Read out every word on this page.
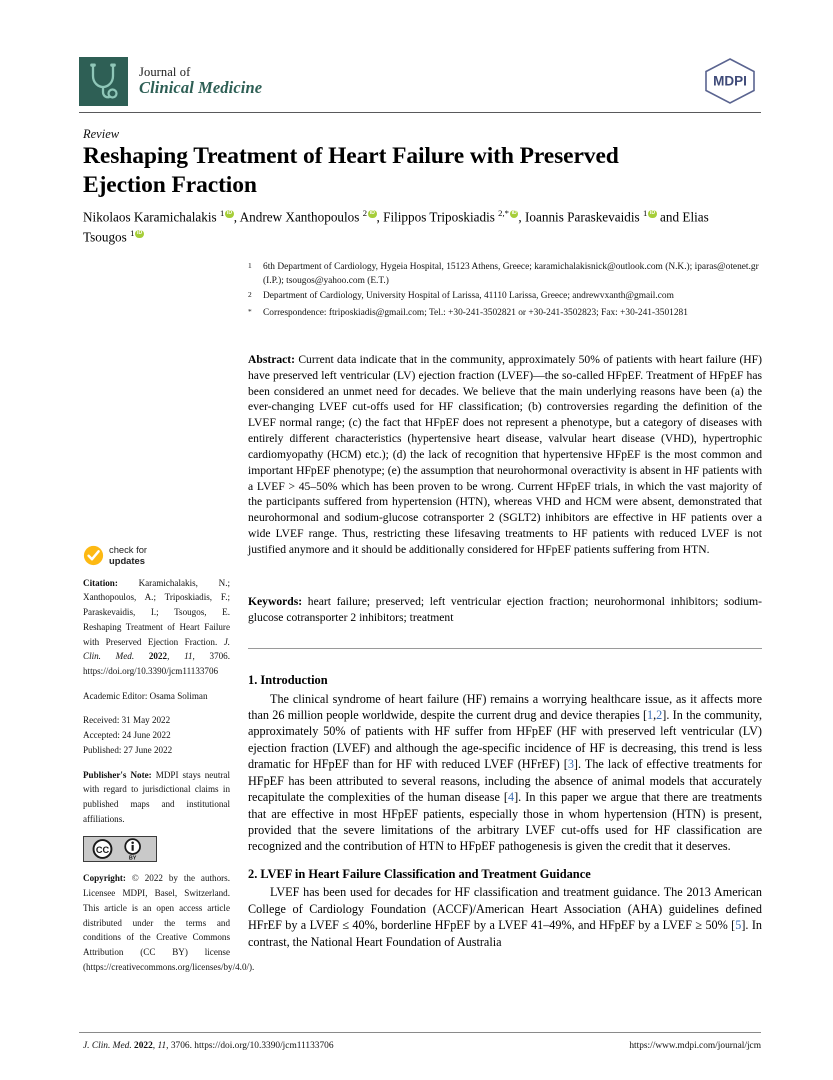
Journal of
Clinical Medicine	MDPI
Review
Reshaping Treatment of Heart Failure with Preserved Ejection Fraction
Nikolaos Karamichalakis $^1$ iD , Andrew Xanthopoulos $^2$ iD , Filippos Triposkiadis $^{2,*}$ iD , Ioannis Paraskevaidis $^1$iD and Elias Tsougos $^1$iD
$^1$	6th Department of Cardiology, Hygeia Hospital, 15123 Athens, Greece; karamichalakisnick@outlook.com (N.K.); iparas@otenet.gr (I.P.); tsougos@yahoo.com (E.T.)
$^2$	Department of Cardiology, University Hospital of Larissa, 41110 Larissa, Greece; andrewvxanth@gmail.com
*	Correspondence: ftriposkiadis@gmail.com; Tel.: +30-241-3502821 or +30-241-3502823; Fax: +30-241-3501281
Abstract: Current data indicate that in the community, approximately 50% of patients with heart failure (HF) have preserved left ventricular (LV) ejection fraction (LVEF)—the so-called HFpEF. Treatment of HFpEF has been considered an unmet need for decades. We believe that the main underlying reasons have been (a) the ever-changing LVEF cut-offs used for HF classification; (b) controversies regarding the definition of the LVEF normal range; (c) the fact that HFpEF does not represent a phenotype, but a category of diseases with entirely different characteristics (hypertensive heart disease, valvular heart disease (VHD), hypertrophic cardiomyopathy (HCM) etc.); (d) the lack of recognition that hypertensive HFpEF is the most common and important HFpEF phenotype; (e) the assumption that neurohormonal overactivity is absent in HF patients with a LVEF > 45–50% which has been proven to be wrong. Current HFpEF trials, in which the vast majority of the participants suffered from hypertension (HTN), whereas VHD and HCM were absent, demonstrated that neurohormonal and sodium-glucose cotransporter 2 (SGLT2) inhibitors are effective in HF patients over a wide LVEF range. Thus, restricting these lifesaving treatments to HF patients with reduced LVEF is not justified anymore and it should be additionally considered for HFpEF patients suffering from HTN.
Keywords: heart failure; preserved; left ventricular ejection fraction; neurohormonal inhibitors; sodium-glucose cotransporter 2 inhibitors; treatment
check for
updates
Citation: Karamichalakis, N.; Xanthopoulos, A.; Triposkiadis, F.; Paraskevaidis, I.; Tsougos, E. Reshaping Treatment of Heart Failure with Preserved Ejection Fraction. J. Clin. Med. 2022, 11, 3706. https://doi.org/10.3390/jcm11133706
Academic Editor: Osama Soliman
Received: 31 May 2022
Accepted: 24 June 2022
Published: 27 June 2022
Publisher's Note: MDPI stays neutral with regard to jurisdictional claims in published maps and institutional affiliations.
CC
BY
Copyright: © 2022 by the authors. Licensee MDPI, Basel, Switzerland. This article is an open access article distributed under the terms and conditions of the Creative Commons Attribution (CC BY) license (https://creativecommons.org/licenses/by/4.0/).
1. Introduction
The clinical syndrome of heart failure (HF) remains a worrying healthcare issue, as it affects more than 26 million people worldwide, despite the current drug and device therapies [1,2]. In the community, approximately 50% of patients with HF suffer from HFpEF (HF with preserved left ventricular (LV) ejection fraction (LVEF) and although the age-specific incidence of HF is decreasing, this trend is less dramatic for HFpEF than for HF with reduced LVEF (HFrEF) [3]. The lack of effective treatments for HFpEF has been attributed to several reasons, including the absence of animal models that accurately recapitulate the complexities of the human disease [4]. In this paper we argue that there are treatments that are effective in most HFpEF patients, especially those in whom hypertension (HTN) is present, provided that the severe limitations of the arbitrary LVEF cut-offs used for HF classification are recognized and the contribution of HTN to HFpEF pathogenesis is given the credit that it deserves.
2. LVEF in Heart Failure Classification and Treatment Guidance
LVEF has been used for decades for HF classification and treatment guidance. The 2013 American College of Cardiology Foundation (ACCF)/American Heart Association (AHA) guidelines defined HFrEF by a LVEF ≤ 40%, borderline HFpEF by a LVEF 41–49%, and HFpEF by a LVEF ≥ 50% [5]. In contrast, the National Heart Foundation of Australia
J. Clin. Med. 2022, 11, 3706. https://doi.org/10.3390/jcm11133706	https://www.mdpi.com/journal/jcm
